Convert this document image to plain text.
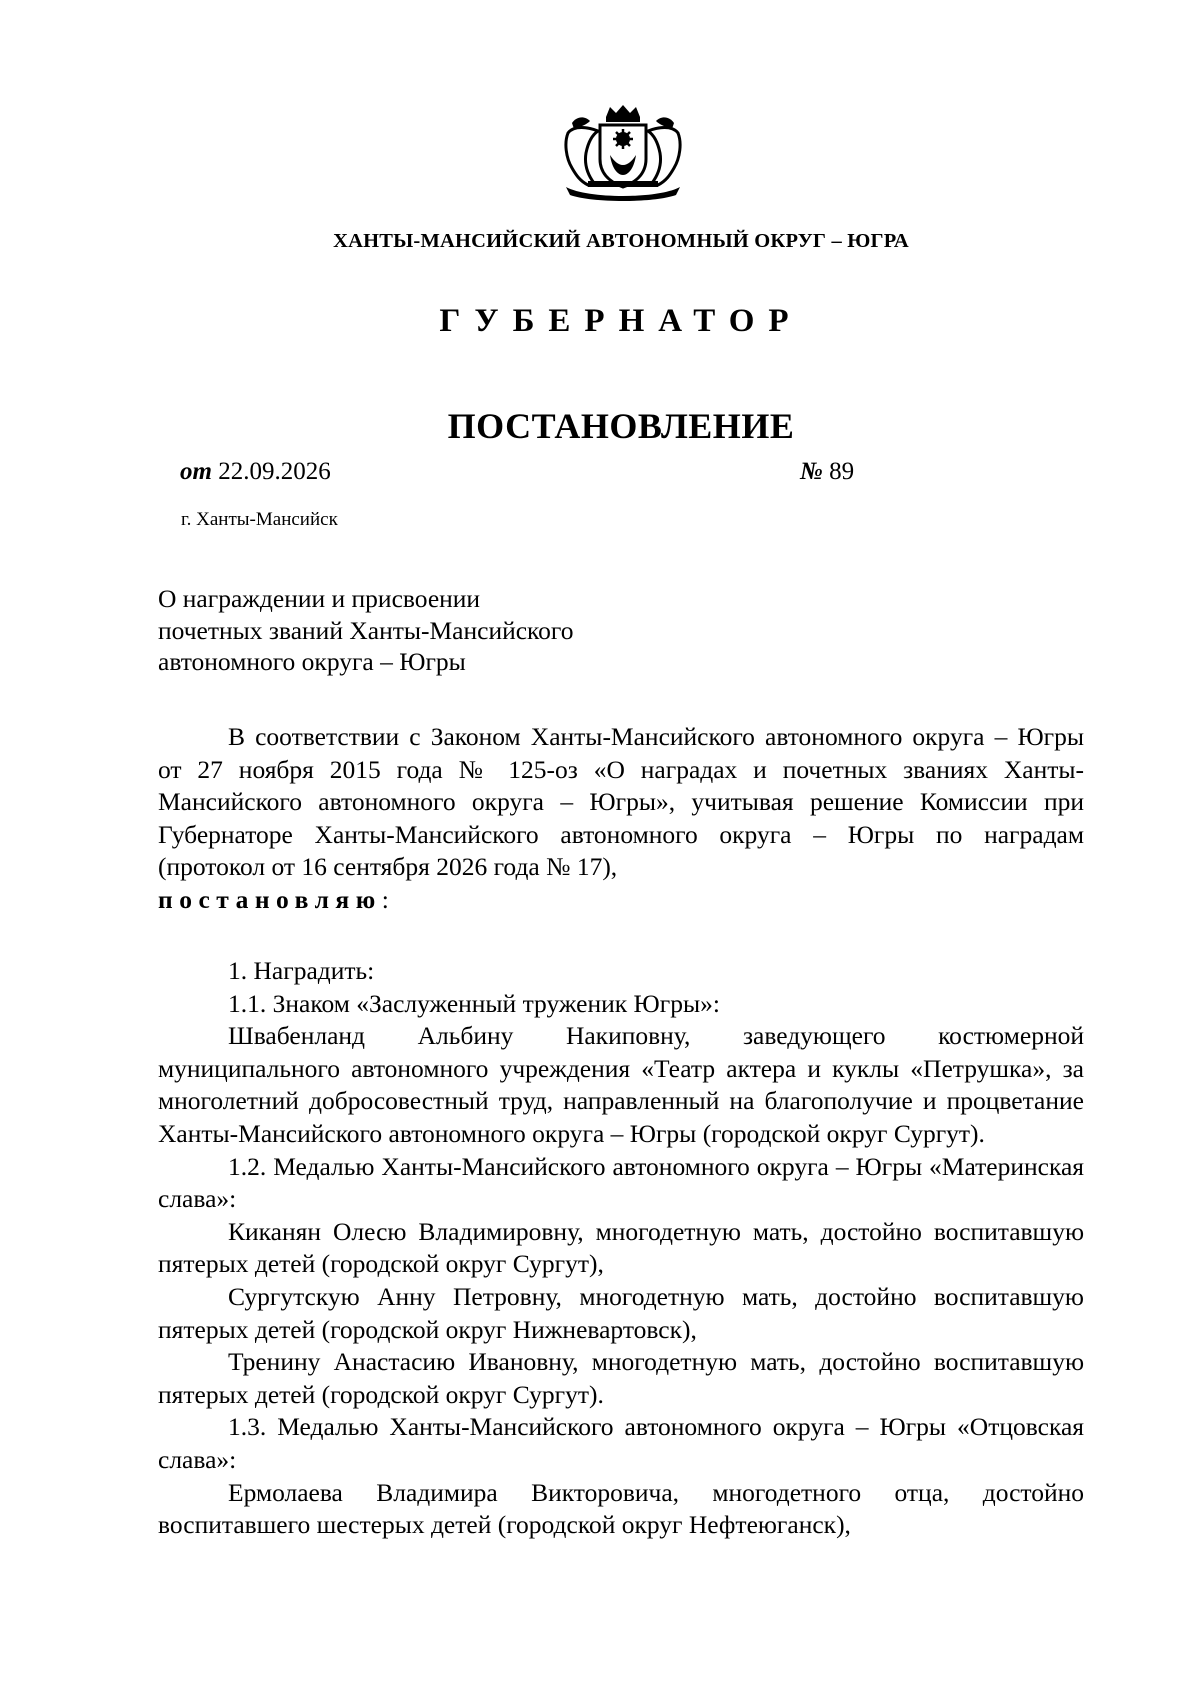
ХАНТЫ-МАНСИЙСКИЙ АВТОНОМНЫЙ ОКРУГ – ЮГРА
ГУБЕРНАТОР
ПОСТАНОВЛЕНИЕ
от 22.09.2026	№ 89
г. Ханты-Мансийск
О награждении и присвоении
почетных званий Ханты-Мансийского
автономного округа – Югры

В соответствии с Законом Ханты-Мансийского автономного округа – Югры от 27 ноября 2015 года № 125-оз «О наградах и почетных званиях Ханты-Мансийского автономного округа – Югры», учитывая решение Комиссии при Губернаторе Ханты-Мансийского автономного округа – Югры по наградам (протокол от 16 сентября 2026 года № 17),
постановляю:

1. Наградить:

1.1. Знаком «Заслуженный труженик Югры»:

Швабенланд Альбину Накиповну, заведующего костюмерной муниципального автономного учреждения «Театр актера и куклы «Петрушка», за многолетний добросовестный труд, направленный на благополучие и процветание Ханты-Мансийского автономного округа – Югры (городской округ Сургут).

1.2. Медалью Ханты-Мансийского автономного округа – Югры «Материнская слава»:

Киканян Олесю Владимировну, многодетную мать, достойно воспитавшую пятерых детей (городской округ Сургут),

Сургутскую Анну Петровну, многодетную мать, достойно воспитавшую пятерых детей (городской округ Нижневартовск),

Тренину Анастасию Ивановну, многодетную мать, достойно воспитавшую пятерых детей (городской округ Сургут).

1.3. Медалью Ханты-Мансийского автономного округа – Югры «Отцовская слава»:

Ермолаева Владимира Викторовича, многодетного отца, достойно воспитавшего шестерых детей (городской округ Нефтеюганск),
